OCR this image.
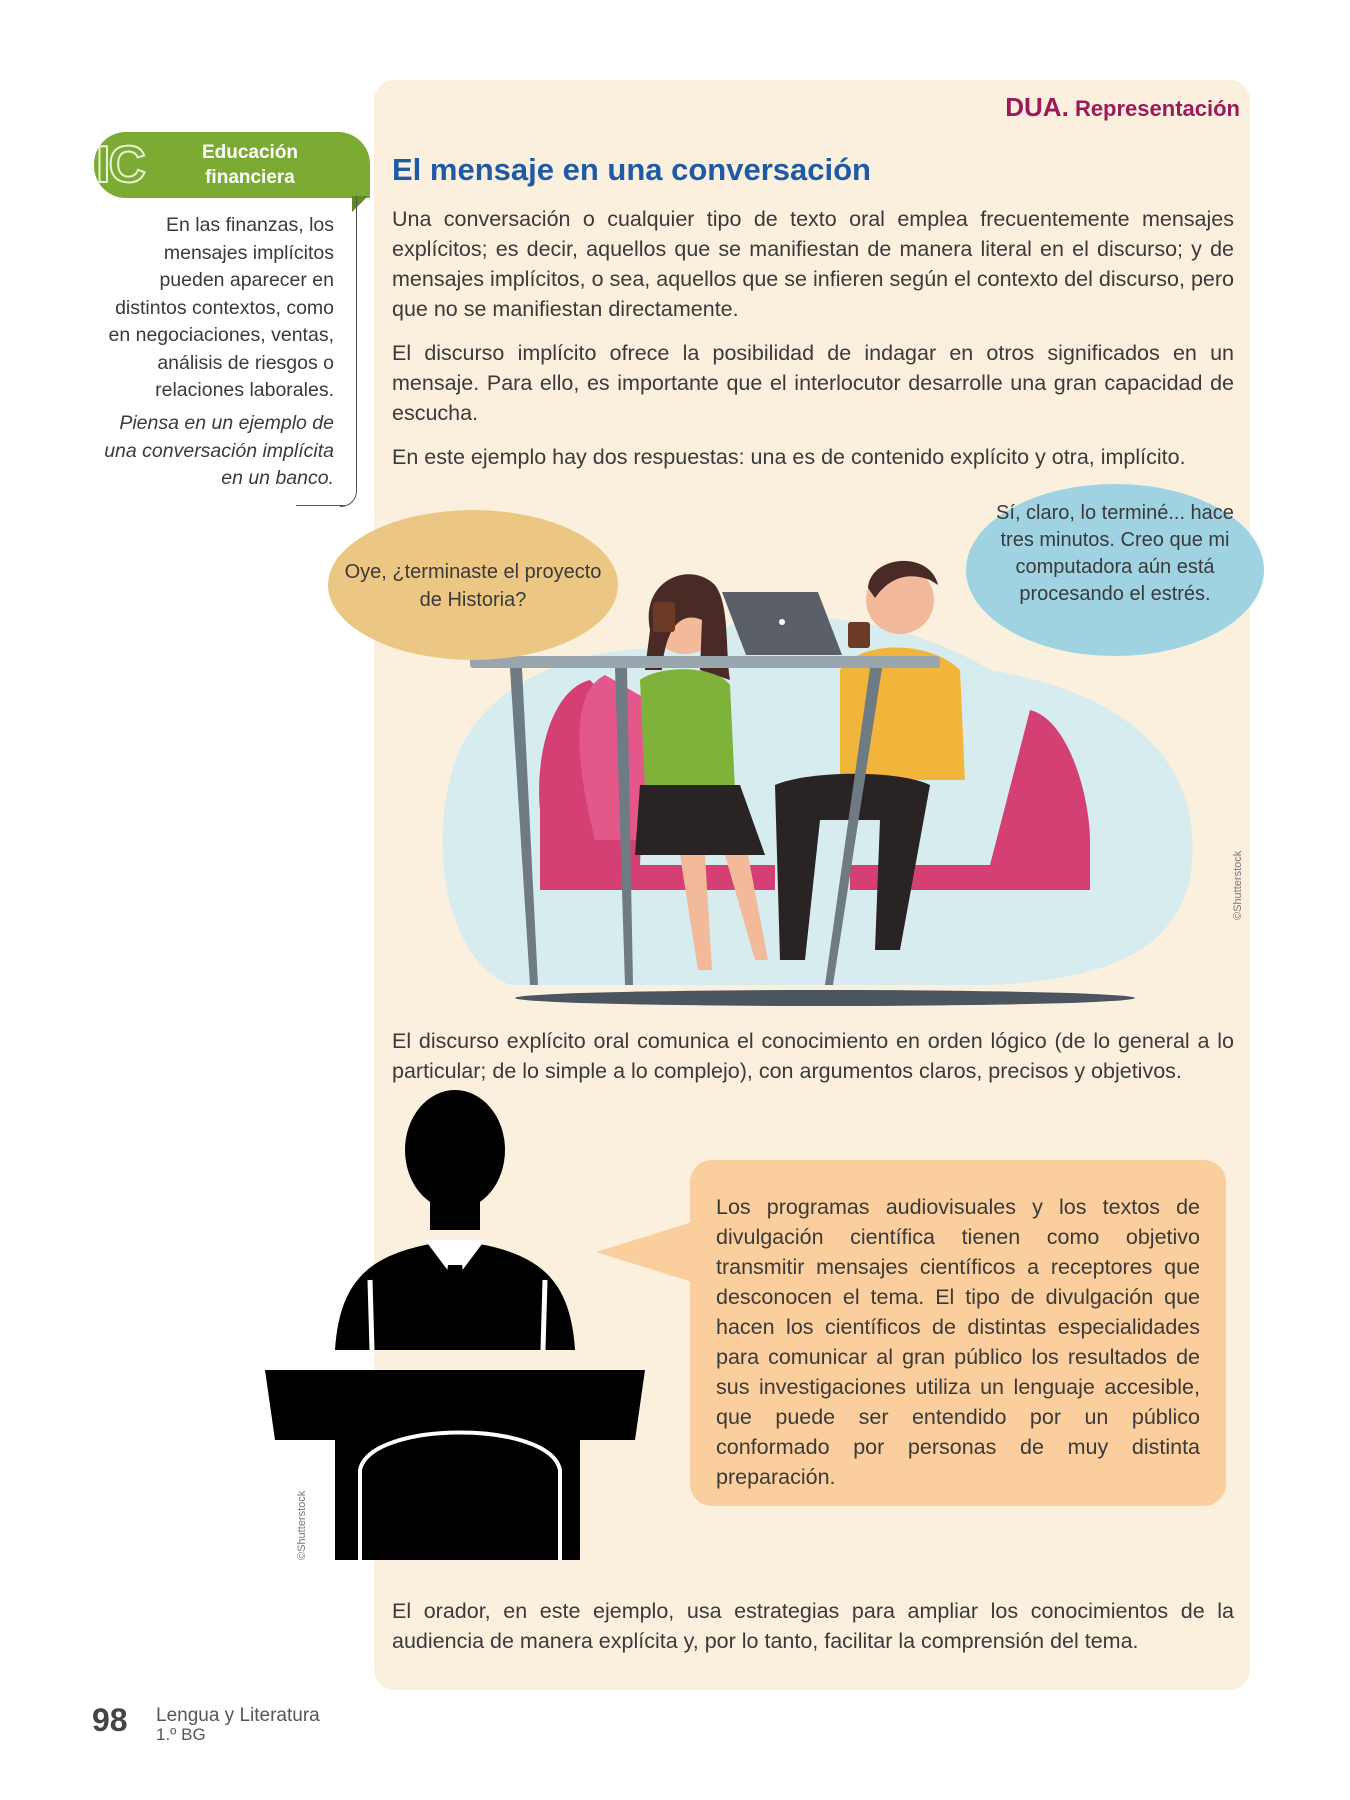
DUA. Representación
El mensaje en una conversación

Una conversación o cualquier tipo de texto oral emplea frecuentemente mensajes explícitos; es decir, aquellos que se manifiestan de manera literal en el discurso; y de mensajes implícitos, o sea, aquellos que se infieren según el contexto del discurso, pero que no se manifiestan directamente.

El discurso implícito ofrece la posibilidad de indagar en otros significados en un mensaje. Para ello, es importante que el interlocutor desarrolle una gran capacidad de escucha.

En este ejemplo hay dos respuestas: una es de contenido explícito y otra, implícito.

IC	Educación financiera

En las finanzas, los mensajes implícitos pueden aparecer en distintos contextos, como en negociaciones, ventas, análisis de riesgos o relaciones laborales.

Piensa en un ejemplo de una conversación implícita en un banco.

Oye, ¿terminaste el proyecto de Historia?
Sí, claro, lo terminé... hace tres minutos. Creo que mi computadora aún está procesando el estrés.
©Shutterstock

El discurso explícito oral comunica el conocimiento en orden lógico (de lo general a lo particular; de lo simple a lo complejo), con argumentos claros, precisos y objetivos.

©Shutterstock

Los programas audiovisuales y los textos de divulgación científica tienen como objetivo transmitir mensajes científicos a receptores que desconocen el tema. El tipo de divulgación que hacen los científicos de distintas especialidades para comunicar al gran público los resultados de sus investigaciones utiliza un lenguaje accesible, que puede ser entendido por un público conformado por personas de muy distinta preparación.

El orador, en este ejemplo, usa estrategias para ampliar los conocimientos de la audiencia de manera explícita y, por lo tanto, facilitar la comprensión del tema.

98 Lengua y Literatura
1.º BG
